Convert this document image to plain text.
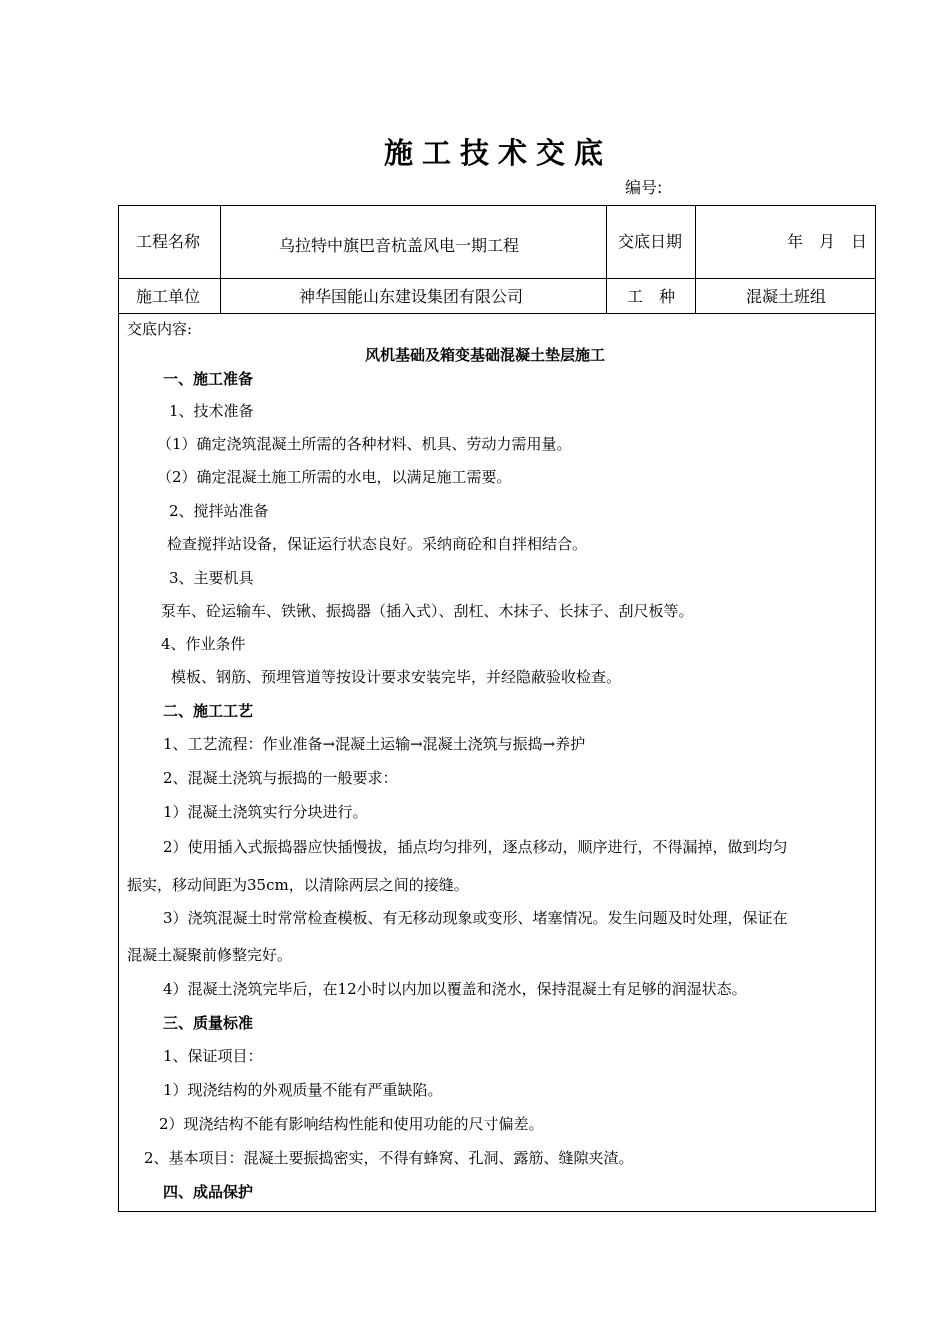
施工技术交底
编号:
工程名称	乌拉特中旗巴音杭盖风电一期工程	交底日期	年　月　日
施工单位	神华国能山东建设集团有限公司	工　种	混凝土班组
交底内容:
风机基础及箱变基础混凝土垫层施工
一、施工准备
1、技术准备
（1）确定浇筑混凝土所需的各种材料、机具、劳动力需用量。
（2）确定混凝土施工所需的水电，以满足施工需要。
2、搅拌站准备
检查搅拌站设备，保证运行状态良好。采纳商砼和自拌相结合。
3、主要机具
泵车、砼运输车、铁锹、振捣器（插入式）、刮杠、木抹子、长抹子、刮尺板等。
4、作业条件
模板、钢筋、预埋管道等按设计要求安装完毕，并经隐蔽验收检查。
二、施工工艺
1、工艺流程：作业准备→混凝土运输→混凝土浇筑与振捣→养护
2、混凝土浇筑与振捣的一般要求：
1）混凝土浇筑实行分块进行。
2）使用插入式振捣器应快插慢拔，插点均匀排列，逐点移动，顺序进行，不得漏掉，做到均匀
振实，移动间距为35cm，以清除两层之间的接缝。
3）浇筑混凝土时常常检查模板、有无移动现象或变形、堵塞情况。发生问题及时处理，保证在
混凝土凝聚前修整完好。
4）混凝土浇筑完毕后，在12小时以内加以覆盖和浇水，保持混凝土有足够的润湿状态。
三、质量标准
1、保证项目：
1）现浇结构的外观质量不能有严重缺陷。
2）现浇结构不能有影响结构性能和使用功能的尺寸偏差。
2、基本项目：混凝土要振捣密实，不得有蜂窝、孔洞、露筋、缝隙夹渣。
四、成品保护
